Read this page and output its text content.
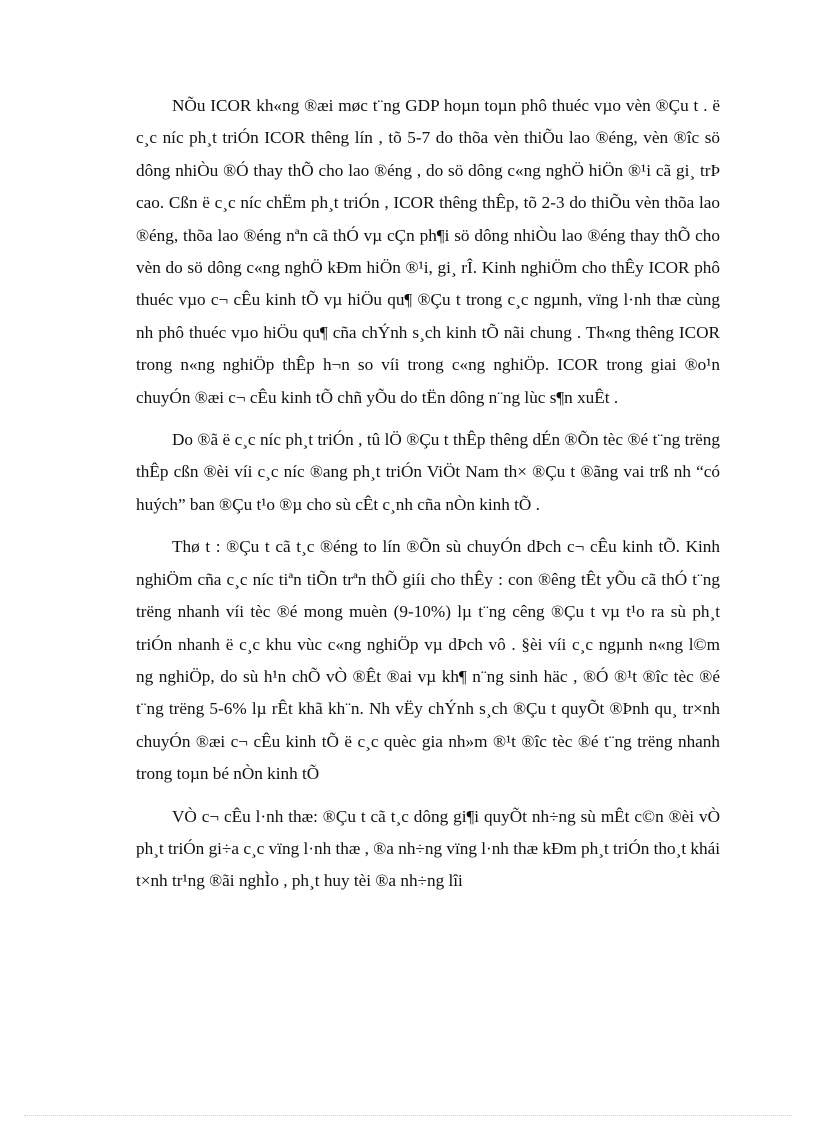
NÕu ICOR kh«ng ®æi møc t¨ng GDP hoµn toµn phô thuéc vµo vèn ®Çu t . ë c¸c níc ph¸t triÓn ICOR thêng lín , tõ 5-7 do thõa vèn thiÕu lao ®éng, vèn ®îc sö dông nhiÒu ®Ó thay thÕ cho lao ®éng , do sö dông c«ng nghÖ hiÖn ®¹i cã gi¸ trÞ cao. Cßn ë c¸c níc chËm ph¸t triÓn , ICOR thêng thÊp, tõ 2-3 do thiÕu vèn thõa lao ®éng, thõa lao ®éng nªn cã thÓ vµ cÇn ph¶i sö dông nhiÒu lao ®éng thay thÕ cho vèn do sö dông c«ng nghÖ kÐm hiÖn ®¹i, gi¸ rÎ. Kinh nghiÖm cho thÊy ICOR phô thuéc vµo c¬ cÊu kinh tÕ vµ hiÖu qu¶ ®Çu t trong c¸c ngµnh, vïng l·nh thæ cùng nh phô thuéc vµo hiÖu qu¶ cña chÝnh s¸ch kinh tÕ nãi chung . Th«ng thêng ICOR trong n«ng nghiÖp thÊp h¬n so víi trong c«ng nghiÖp. ICOR trong giai ®o¹n chuyÓn ®æi c¬ cÊu kinh tÕ chñ yÕu do tËn dông n¨ng lùc s¶n xuÊt .

Do ®ã ë c¸c níc ph¸t triÓn , tû lÖ ®Çu t thÊp thêng dÉn ®Õn tèc ®é t¨ng trëng thÊp cßn ®èi víi c¸c níc ®ang ph¸t triÓn ViÖt Nam th× ®Çu t ®ãng vai trß nh “có huých” ban ®Çu t¹o ®µ cho sù cÊt c¸nh cña nÒn kinh tÕ .

Thø t : ®Çu t cã t¸c ®éng to lín ®Õn sù chuyÓn dÞch c¬ cÊu kinh tÕ. Kinh nghiÖm cña c¸c níc tiªn tiÕn trªn thÕ giíi cho thÊy : con ®êng tÊt yÕu cã thÓ t¨ng trëng nhanh víi tèc ®é mong muèn (9-10%) lµ t¨ng cêng ®Çu t vµ t¹o ra sù ph¸t triÓn nhanh ë c¸c khu vùc c«ng nghiÖp vµ dÞch vô . §èi víi c¸c ngµnh n«ng l©m ng nghiÖp, do sù h¹n chÕ vÒ ®Êt ®ai vµ kh¶ n¨ng sinh häc , ®Ó ®¹t ®îc tèc ®é t¨ng trëng 5-6% lµ rÊt khã kh¨n. Nh vËy chÝnh s¸ch ®Çu t quyÕt ®Þnh qu¸ tr×nh chuyÓn ®æi c¬ cÊu kinh tÕ ë c¸c quèc gia nh»m ®¹t ®îc tèc ®é t¨ng trëng nhanh trong toµn bé nÒn kinh tÕ

VÒ c¬ cÊu l·nh thæ: ®Çu t cã t¸c dông gi¶i quyÕt nh÷ng sù mÊt c©n ®èi vÒ ph¸t triÓn gi÷a c¸c vïng l·nh thæ , ®a nh÷ng vïng l·nh thæ kÐm ph¸t triÓn tho¸t khái t×nh tr¹ng ®ãi nghÌo , ph¸t huy tèi ®a nh÷ng lîi
